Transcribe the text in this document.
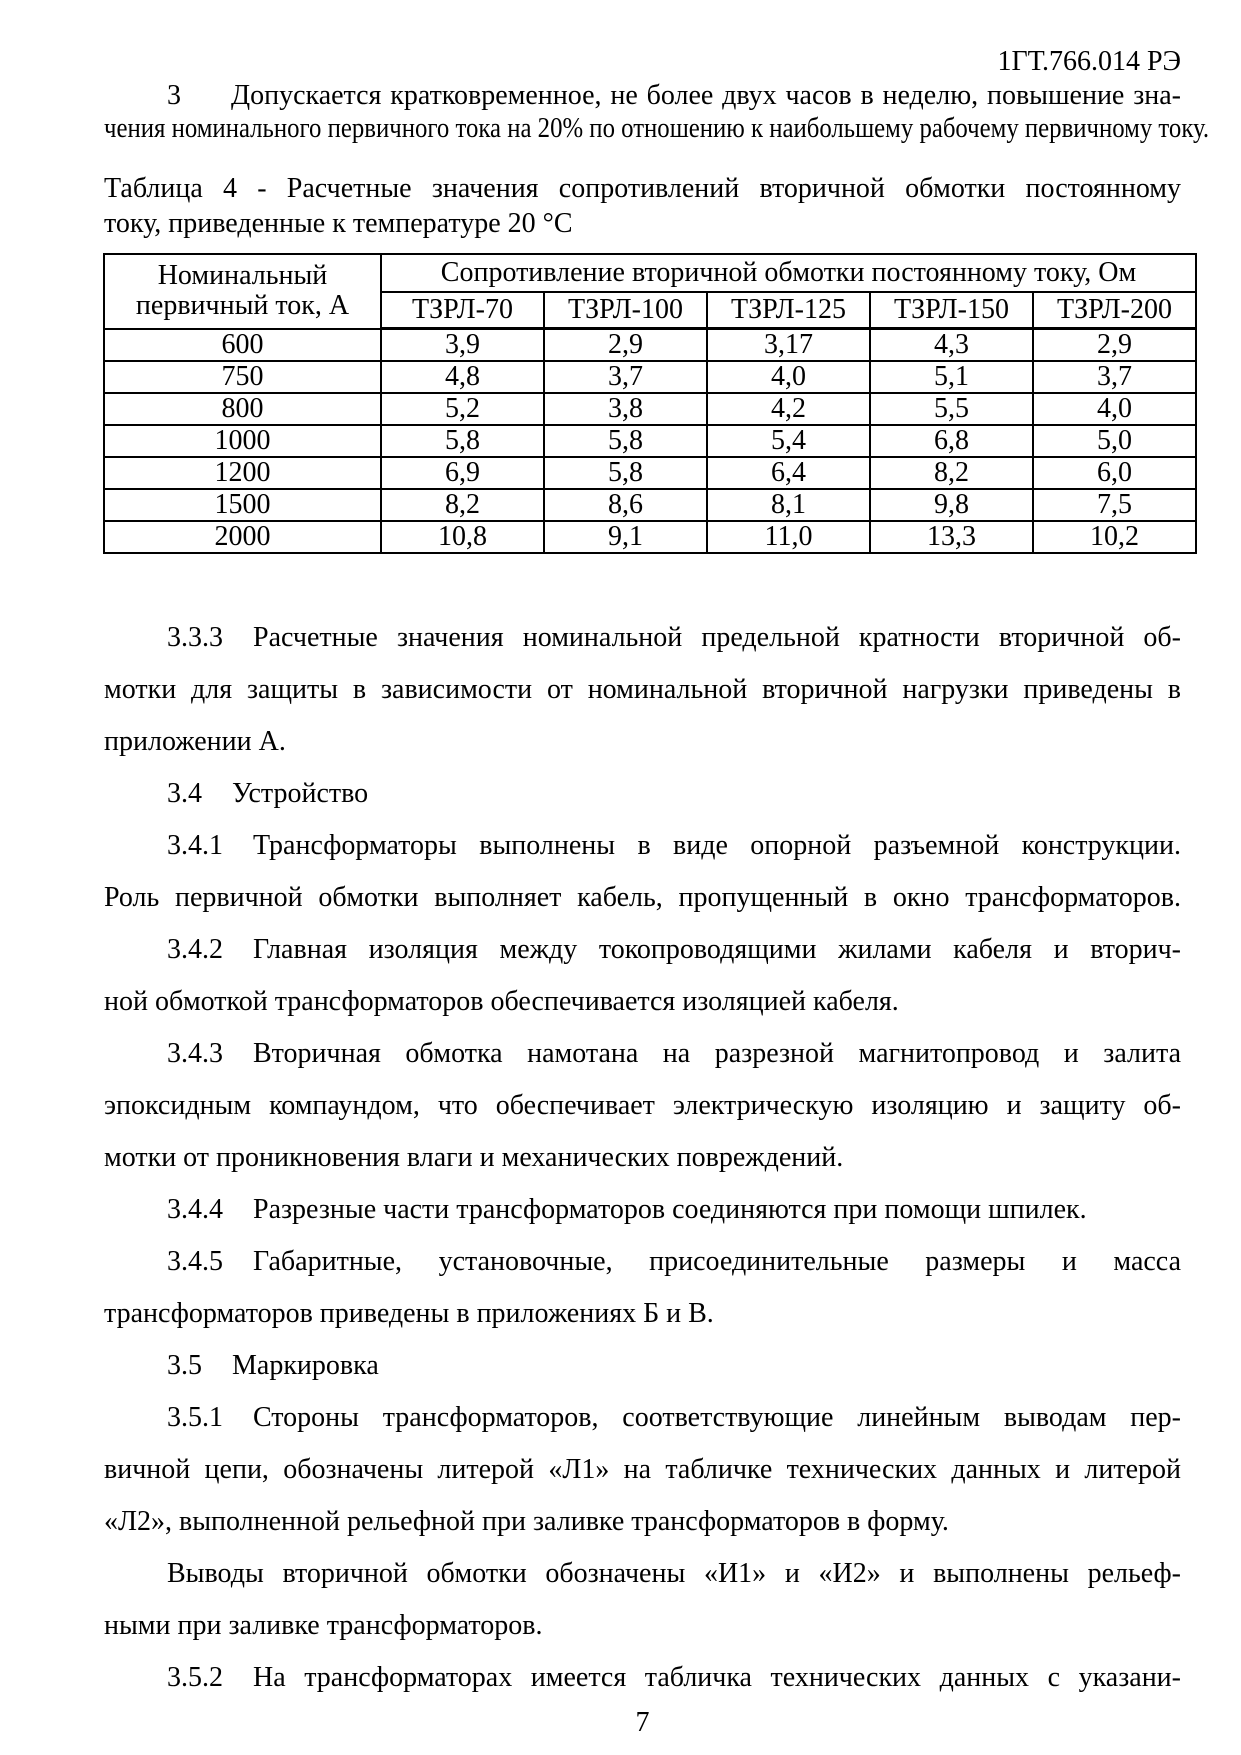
1ГТ.766.014 РЭ
3 Допускается кратковременное, не более двух часов в неделю, повышение зна-
чения номинального первичного тока на 20% по отношению к наибольшему рабочему первичному току.
Таблица 4 - Расчетные значения сопротивлений вторичной обмотки постоянному
току, приведенные к температуре 20 °С
Номинальный первичный ток, А	Сопротивление вторичной обмотки постоянному току, Ом				
	ТЗРЛ-70	ТЗРЛ-100	ТЗРЛ-125	ТЗРЛ-150	ТЗРЛ-200
600	3,9	2,9	3,17	4,3	2,9
750	4,8	3,7	4,0	5,1	3,7
800	5,2	3,8	4,2	5,5	4,0
1000	5,8	5,8	5,4	6,8	5,0
1200	6,9	5,8	6,4	8,2	6,0
1500	8,2	8,6	8,1	9,8	7,5
2000	10,8	9,1	11,0	13,3	10,2
3.3.3 Расчетные значения номинальной предельной кратности вторичной об-
мотки для защиты в зависимости от номинальной вторичной нагрузки приведены в
приложении А.
3.4 Устройство
3.4.1 Трансформаторы выполнены в виде опорной разъемной конструкции.
Роль первичной обмотки выполняет кабель, пропущенный в окно трансформаторов.
3.4.2 Главная изоляция между токопроводящими жилами кабеля и вторич-
ной обмоткой трансформаторов обеспечивается изоляцией кабеля.
3.4.3 Вторичная обмотка намотана на разрезной магнитопровод и залита
эпоксидным компаундом, что обеспечивает электрическую изоляцию и защиту об-
мотки от проникновения влаги и механических повреждений.
3.4.4 Разрезные части трансформаторов соединяются при помощи шпилек.
3.4.5 Габаритные, установочные, присоединительные размеры и масса
трансформаторов приведены в приложениях Б и В.
3.5 Маркировка
3.5.1 Стороны трансформаторов, соответствующие линейным выводам пер-
вичной цепи, обозначены литерой «Л1» на табличке технических данных и литерой
«Л2», выполненной рельефной при заливке трансформаторов в форму.
Выводы вторичной обмотки обозначены «И1» и «И2» и выполнены рельеф-
ными при заливке трансформаторов.
3.5.2 На трансформаторах имеется табличка технических данных с указани-
7
